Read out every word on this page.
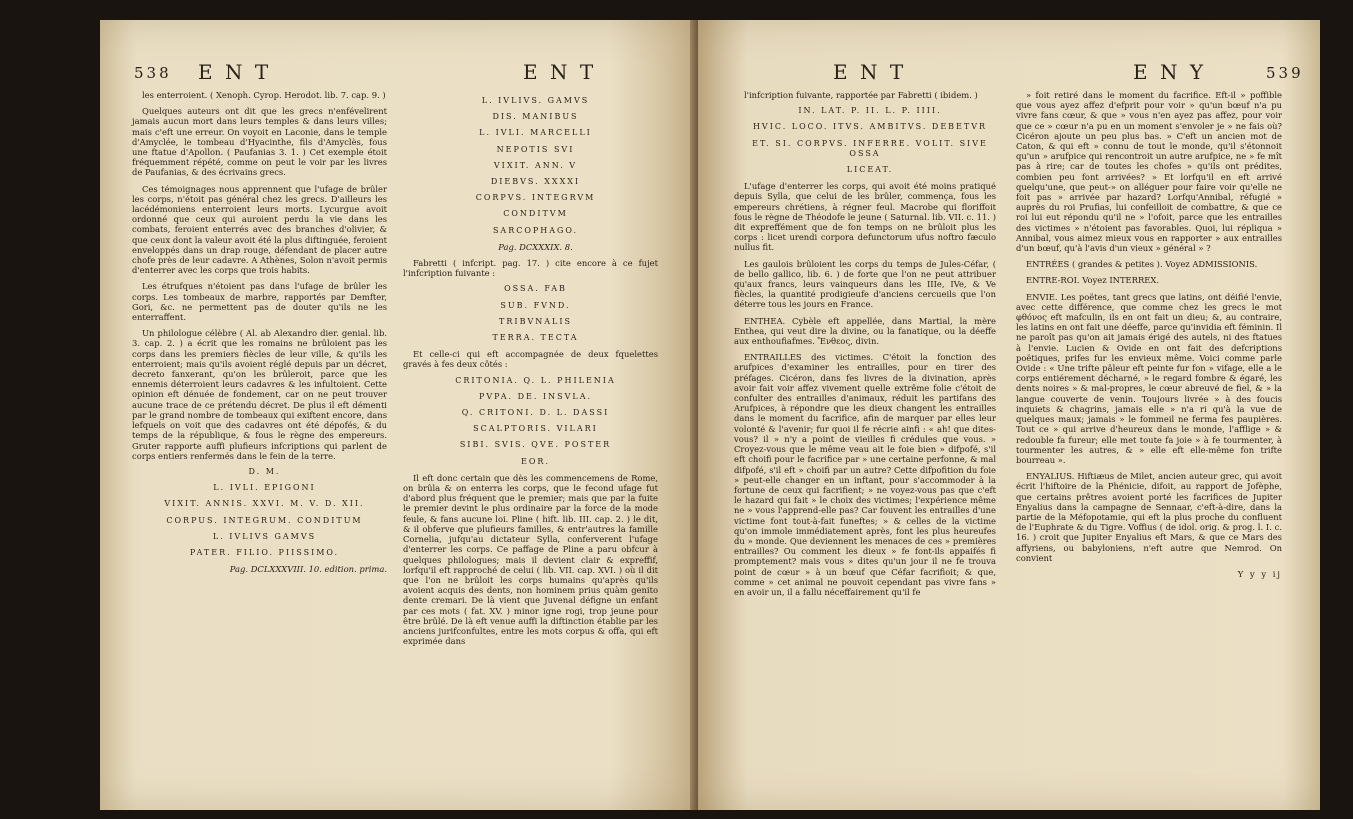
538 E N T	E N T

les enterroient. ( Xenoph. Cyrop. Herodot. lib. 7. cap. 9. )

Quelques auteurs ont dit que les grecs n'enfévelirent jamais aucun mort dans leurs temples & dans leurs villes; mais c'eft une erreur. On voyoit en Laconie, dans le temple d'Amyclée, le tombeau d'Hyacinthe, fils d'Amyclès, fous une ftatue d'Apollon. ( Paufanias 3. 1. ) Cet exemple étoit fréquemment répété, comme on peut le voir par les livres de Paufanias, & des écrivains grecs.

Ces témoignages nous apprennent que l'ufage de brûler les corps, n'étoit pas général chez les grecs. D'ailleurs les lacédémoniens enterroient leurs morts. Lycurgue avoit ordonné que ceux qui auroient perdu la vie dans les combats, feroient enterrés avec des branches d'olivier, & que ceux dont la valeur avoit été la plus diftinguée, feroient enveloppés dans un drap rouge, défendant de placer autre chofe près de leur cadavre. A Athènes, Solon n'avoit permis d'enterrer avec les corps que trois habits.

Les étrufques n'étoient pas dans l'ufage de brûler les corps. Les tombeaux de marbre, rapportés par Demfter, Gori, &c. ne permettent pas de douter qu'ils ne les enterraffent.

Un philologue célèbre ( Al. ab Alexandro dier. genial. lib. 3. cap. 2. ) a écrit que les romains ne brûloient pas les corps dans les premiers fiècles de leur ville, & qu'ils les enterroient; mais qu'ils avoient réglé depuis par un décret, decreto fanxerant, qu'on les brûleroit, parce que les ennemis déterroient leurs cadavres & les infultoient. Cette opinion eft dénuée de fondement, car on ne peut trouver aucune trace de ce prétendu décret. De plus il eft démenti par le grand nombre de tombeaux qui exiftent encore, dans lefquels on voit que des cadavres ont été dépofés, & du temps de la république, & fous le règne des empereurs. Gruter rapporte auffi plufieurs infcriptions qui parlent de corps entiers renfermés dans le fein de la terre.

D. M.

L. IVLI. EPIGONI

VIXIT. ANNIS. XXVI. M. V. D. XII.

CORPUS. INTEGRUM. CONDITUM

L. IVLIVS GAMVS

PATER. FILIO. PIISSIMO.

Pag. DCLXXXVIII. 10. edition. prima.

L. IVLIVS. GAMVS

DIS. MANIBUS

L. IVLI. MARCELLI

NEPOTIS SVI

VIXIT. ANN. V

DIEBVS. XXXXI

CORPVS. INTEGRVM

CONDITVM

SARCOPHAGO.

Pag. DCXXXIX. 8.

Fabretti ( infcript. pag. 17. ) cite encore à ce fujet l'infcription fuivante :

OSSA. FAB

SUB. FVND.

TRIBVNALIS

TERRA. TECTA

Et celle-ci qui eft accompagnée de deux fquelettes gravés à fes deux côtés :

CRITONIA. Q. L. PHILENIA

PVPA. DE. INSVLA.

Q. CRITONI. D. L. DASSI

SCALPTORIS. VILARI

SIBI. SVIS. QVE. POSTER

EOR.

Il eft donc certain que dès les commencemens de Rome, on brûla & on enterra les corps, que le fecond ufage fut d'abord plus fréquent que le premier; mais que par la fuite le premier devint le plus ordinaire par la force de la mode feule, & fans aucune loi. Pline ( hift. lib. III. cap. 2. ) le dit, & il obferve que plufieurs familles, & entr'autres la famille Cornelia, jufqu'au dictateur Sylla, conferverent l'ufage d'enterrer les corps. Ce paffage de Pline a paru obfcur à quelques philologues; mais il devient clair & expreffif, lorfqu'il eft rapproché de celui ( lib. VII. cap. XVI. ) où il dit que l'on ne brûloit les corps humains qu'après qu'ils avoient acquis des dents, non hominem prius quàm genito dente cremari. De là vient que Juvenal défigne un enfant par ces mots ( fat. XV. ) minor igne rogi, trop jeune pour être brûlé. De là eft venue auffi la diftinction établie par les anciens jurifconfultes, entre les mots corpus & offa, qui eft exprimée dans

E N T	E N Y	539

l'infcription fuivante, rapportée par Fabretti ( ibidem. )

IN. LAT. P. II. L. P. IIII.

HVIC. LOCO. ITVS. AMBITVS. DEBETVR

ET. SI. CORPVS. INFERRE. VOLIT. SIVE OSSA

LICEAT.

L'ufage d'enterrer les corps, qui avoit été moins pratiqué depuis Sylla, que celui de les brûler, commença, fous les empereurs chrétiens, à régner feul. Macrobe qui floriffoit fous le règne de Théodofe le jeune ( Saturnal. lib. VII. c. 11. ) dit expreffément que de fon temps on ne brûloit plus les corps : licet urendi corpora defunctorum ufus noftro fæculo nullus fit.

Les gaulois brûloient les corps du temps de Jules-Céfar, ( de bello gallico, lib. 6. ) de forte que l'on ne peut attribuer qu'aux francs, leurs vainqueurs dans les IIIe, IVe, & Ve fiècles, la quantité prodigieufe d'anciens cercueils que l'on déterre tous les jours en France.

ENTHEA. Cybèle eft appellée, dans Martial, la mère Enthea, qui veut dire la divine, ou la fanatique, ou la déeffe aux enthoufiafmes. Ἔνθεος, divin.

ENTRAILLES des victimes. C'étoit la fonction des arufpices d'examiner les entrailles, pour en tirer des préfages. Cicéron, dans fes livres de la divination, après avoir fait voir affez vivement quelle extrême folie c'étoit de confulter des entrailles d'animaux, réduit les partifans des Arufpices, à répondre que les dieux changent les entrailles dans le moment du facrifice, afin de marquer par elles leur volonté & l'avenir; fur quoi il fe récrie ainfi : « ah! que dites-vous? il » n'y a point de vieilles fi crédules que vous. » Croyez-vous que le même veau ait le foie bien » difpofé, s'il eft choifi pour le facrifice par » une certaine perfonne, & mal difpofé, s'il eft » choifi par un autre? Cette difpofition du foie » peut-elle changer en un inftant, pour s'accommoder à la fortune de ceux qui facrifient; » ne voyez-vous pas que c'eft le hazard qui fait » le choix des victimes; l'expérience même ne » vous l'apprend-elle pas? Car fouvent les entrailles d'une victime font tout-à-fait funeftes; » & celles de la victime qu'on immole immédiatement après, font les plus heureufes du » monde. Que deviennent les menaces de ces » premières entrailles? Ou comment les dieux » fe font-ils appaifés fi promptement? mais vous » dites qu'un jour il ne fe trouva point de cœur » à un bœuf que Céfar facrifioit; & que, comme » cet animal ne pouvoit cependant pas vivre fans » en avoir un, il a fallu néceffairement qu'il fe

» foit retiré dans le moment du facrifice. Eft-il » poffible que vous ayez affez d'efprit pour voir » qu'un bœuf n'a pu vivre fans cœur, & que » vous n'en ayez pas affez, pour voir que ce » cœur n'a pu en un moment s'envoler je » ne fais où? Cicéron ajoute un peu plus bas. » C'eft un ancien mot de Caton, & qui eft » connu de tout le monde, qu'il s'étonnoit qu'un » arufpice qui rencontroit un autre arufpice, ne » fe mît pas à rire; car de toutes les chofes » qu'ils ont prédites, combien peu font arrivées? » Et lorfqu'il en eft arrivé quelqu'une, que peut-» on alléguer pour faire voir qu'elle ne foit pas » arrivée par hazard? Lorfqu'Annibal, réfugié » auprès du roi Prufias, lui confeilloit de combattre, & que ce roi lui eut répondu qu'il ne » l'ofoit, parce que les entrailles des victimes » n'étoient pas favorables. Quoi, lui répliqua » Annibal, vous aimez mieux vous en rapporter » aux entrailles d'un bœuf, qu'à l'avis d'un vieux » général » ?

ENTRÉES ( grandes & petites ). Voyez ADMISSIONIS.

ENTRE-ROI. Voyez INTERREX.

ENVIE. Les poëtes, tant grecs que latins, ont déifié l'envie, avec cette différence, que comme chez les grecs le mot φθόνος eft mafculin, ils en ont fait un dieu; &, au contraire, les latins en ont fait une déeffe, parce qu'invidia eft féminin. Il ne paroît pas qu'on ait jamais érigé des autels, ni des ftatues à l'envie. Lucien & Ovide en ont fait des defcriptions poëtiques, prifes fur les envieux même. Voici comme parle Ovide : « Une trifte pâleur eft peinte fur fon » vifage, elle a le corps entiérement décharné, » le regard fombre & égaré, les dents noires » & mal-propres, le cœur abreuvé de fiel, & » la langue couverte de venin. Toujours livrée » à des foucis inquiets & chagrins, jamais elle » n'a ri qu'à la vue de quelques maux; jamais » le fommeil ne ferma fes paupières. Tout ce » qui arrive d'heureux dans le monde, l'afflige » & redouble fa fureur; elle met toute fa joie » à fe tourmenter, à tourmenter les autres, & » elle eft elle-même fon trifte bourreau ».

ENYALIUS. Hiftiæus de Milet, ancien auteur grec, qui avoit écrit l'hiftoire de la Phénicie, difoit, au rapport de Jofèphe, que certains prêtres avoient porté les facrifices de Jupiter Enyalius dans la campagne de Sennaar, c'eft-à-dire, dans la partie de la Méfopotamie, qui eft la plus proche du confluent de l'Euphrate & du Tigre. Voffius ( de idol. orig. & prog. l. I. c. 16. ) croit que Jupiter Enyalius eft Mars, & que ce Mars des affyriens, ou babyloniens, n'eft autre que Nemrod. On convient

Y y y ij
